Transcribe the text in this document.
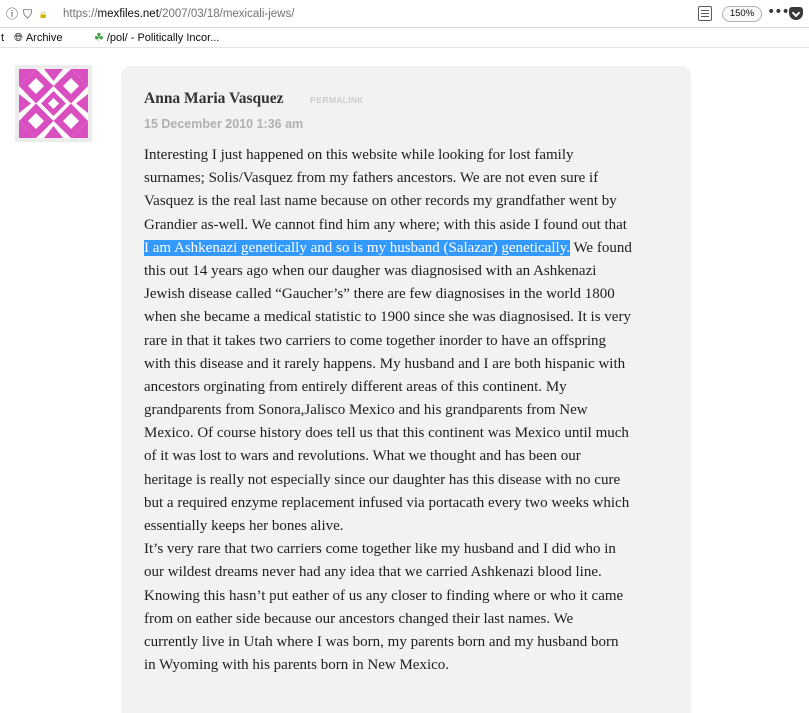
ⓘ ⛉ 🔒︎ https://mexfiles.net/2007/03/18/mexicali-jews/	150% •••
t 🌐︎ Archive	☘ /pol/ - Politically Incor...
Anna Maria Vasquez	PERMALINK
15 December 2010 1:36 am
Interesting I just happened on this website while looking for lost family
surnames; Solis/Vasquez from my fathers ancestors. We are not even sure if
Vasquez is the real last name because on other records my grandfather went by
Grandier as-well. We cannot find him any where; with this aside I found out that
I am Ashkenazi genetically and so is my husband (Salazar) genetically. We found
this out 14 years ago when our daugher was diagnosised with an Ashkenazi
Jewish disease called “Gaucher’s” there are few diagnosises in the world 1800
when she became a medical statistic to 1900 since she was diagnosised. It is very
rare in that it takes two carriers to come together inorder to have an offspring
with this disease and it rarely happens. My husband and I are both hispanic with
ancestors orginating from entirely different areas of this continent. My
grandparents from Sonora,Jalisco Mexico and his grandparents from New
Mexico. Of course history does tell us that this continent was Mexico until much
of it was lost to wars and revolutions. What we thought and has been our
heritage is really not especially since our daughter has this disease with no cure
but a required enzyme replacement infused via portacath every two weeks which
essentially keeps her bones alive.
It’s very rare that two carriers come together like my husband and I did who in
our wildest dreams never had any idea that we carried Ashkenazi blood line.
Knowing this hasn’t put eather of us any closer to finding where or who it came
from on eather side because our ancestors changed their last names. We
currently live in Utah where I was born, my parents born and my husband born
in Wyoming with his parents born in New Mexico.
